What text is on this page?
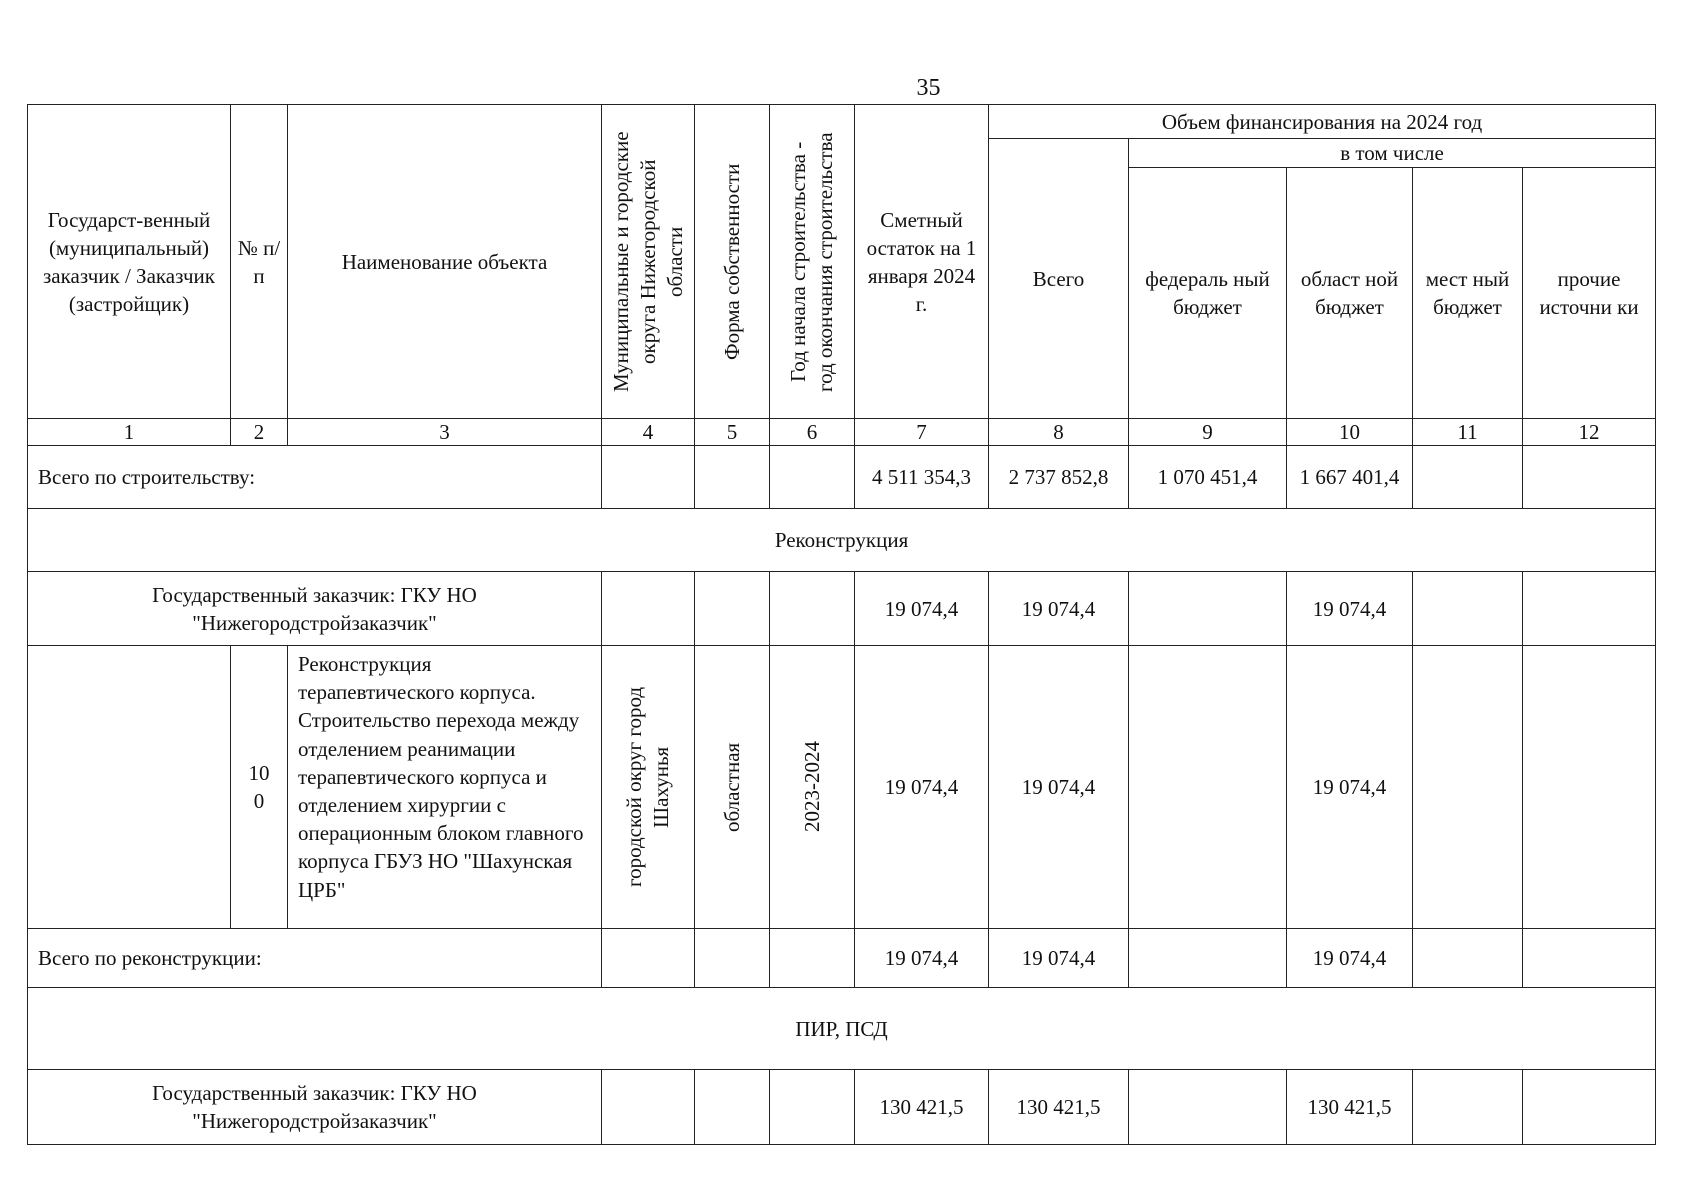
35
Государст-венный (муниципальный) заказчик / Заказчик (застройщик)	№ п/п	Наименование объекта	Муниципальные и городские округа Нижегородской области	Форма собственности	Год начала строительства - год окончания строительства	Сметный остаток на 1 января 2024 г.	Объем финансирования на 2024 год				
							Всего	в том числе			
								федераль ный бюджет	област ной бюджет	мест ный бюджет	прочие источни ки
1	2	3	4	5	6	7	8	9	10	11	12
Всего по строительству:						4 511 354,3	2 737 852,8	1 070 451,4	1 667 401,4		
Реконструкция											
Государственный заказчик: ГКУ НО "Нижегородстройзаказчик"						19 074,4	19 074,4		19 074,4		
	10 0	Реконструкция терапевтического корпуса. Строительство перехода между отделением реанимации терапевтического корпуса и отделением хирургии с операционным блоком главного корпуса ГБУЗ НО "Шахунская ЦРБ"	городской округ город Шахунья	областная	2023-2024	19 074,4	19 074,4		19 074,4		
Всего по реконструкции:						19 074,4	19 074,4		19 074,4		
ПИР, ПСД											
Государственный заказчик: ГКУ НО "Нижегородстройзаказчик"						130 421,5	130 421,5		130 421,5		
